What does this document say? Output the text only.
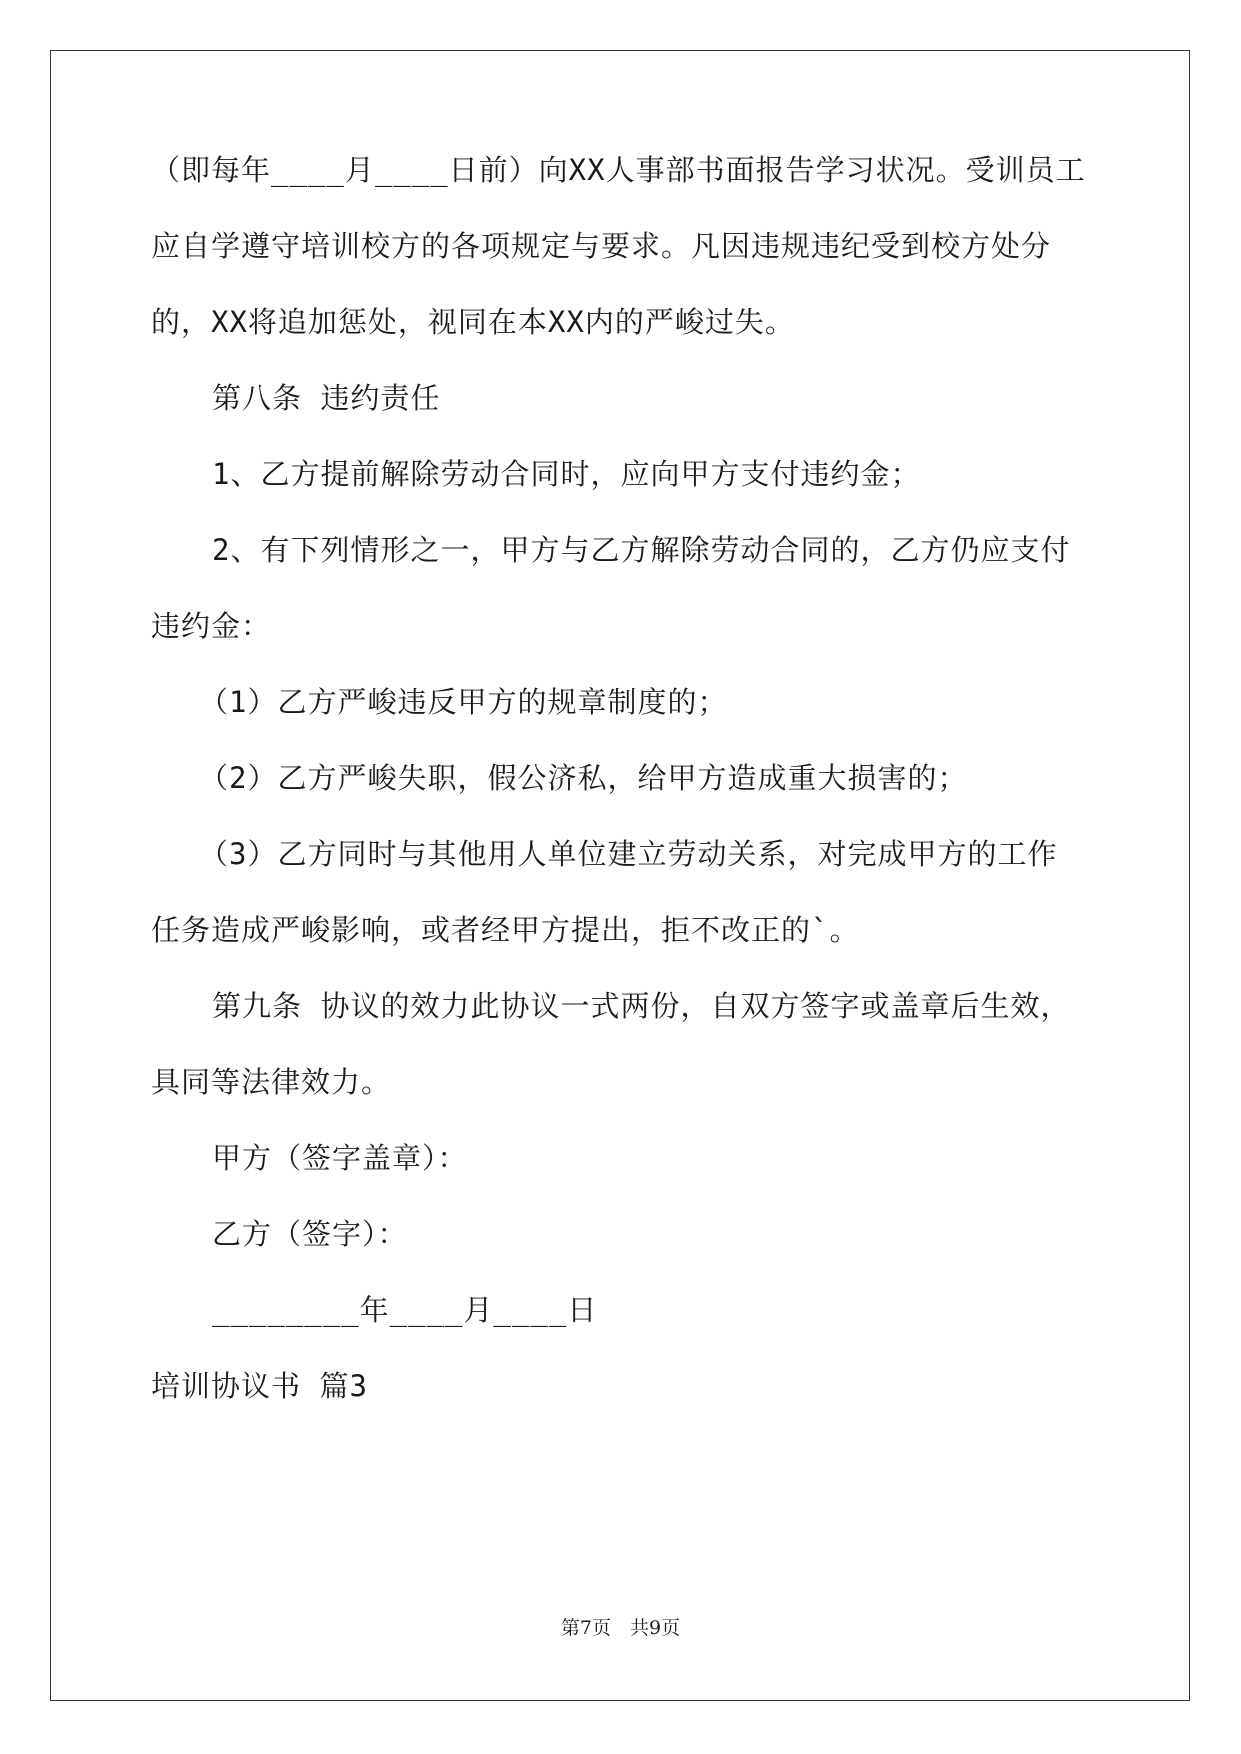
（即每年____月____日前）向XX人事部书面报告学习状况。受训员工
应自学遵守培训校方的各项规定与要求。凡因违规违纪受到校方处分
的，XX将追加惩处，视同在本XX内的严峻过失。
第八条 违约责任
1、乙方提前解除劳动合同时，应向甲方支付违约金；
2、有下列情形之一，甲方与乙方解除劳动合同的，乙方仍应支付
违约金：
（1）乙方严峻违反甲方的规章制度的；
（2）乙方严峻失职，假公济私，给甲方造成重大损害的；
（3）乙方同时与其他用人单位建立劳动关系，对完成甲方的工作
任务造成严峻影响，或者经甲方提出，拒不改正的`。
第九条 协议的效力此协议一式两份，自双方签字或盖章后生效，
具同等法律效力。
甲方（签字盖章）：
乙方（签字）：
________年____月____日
培训协议书 篇3
第7页　共9页
